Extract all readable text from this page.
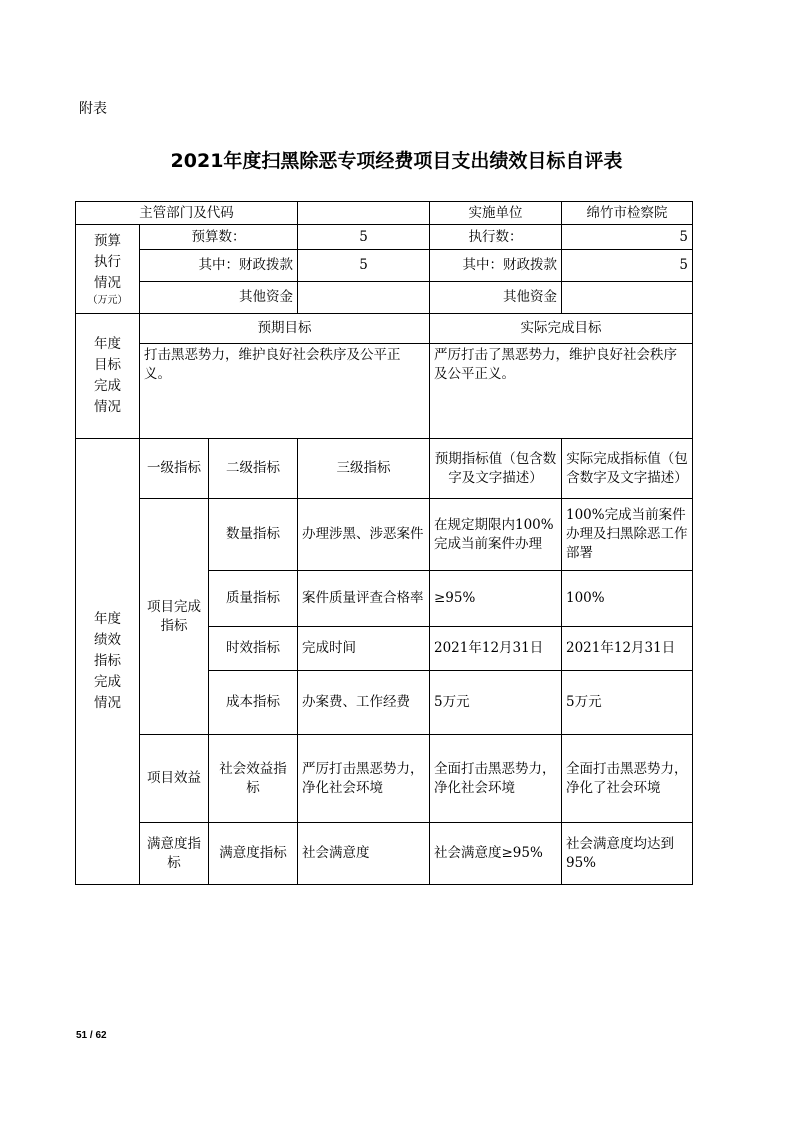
附表
2021年度扫黑除恶专项经费项目支出绩效目标自评表
主管部门及代码				实施单位	绵竹市检察院
预算
执行
情况
（万元）	预算数：		5	执行数：	5
	其中：财政拨款		5	其中：财政拨款	5
	其他资金			其他资金	
年度
目标
完成
情况	预期目标			实际完成目标	
	打击黑恶势力，维护良好社会秩序及公平正义。			严厉打击了黑恶势力，维护良好社会秩序及公平正义。	
年度
绩效
指标
完成
情况	一级指标	二级指标	三级指标	预期指标值（包含数字及文字描述）	实际完成指标值（包含数字及文字描述）
	项目完成指标	数量指标	办理涉黑、涉恶案件	在规定期限内100%完成当前案件办理	100%完成当前案件办理及扫黑除恶工作部署
		质量指标	案件质量评查合格率	≥95%	100%
		时效指标	完成时间	2021年12月31日	2021年12月31日
		成本指标	办案费、工作经费	5万元	5万元
	项目效益	社会效益指标	严厉打击黑恶势力，净化社会环境	全面打击黑恶势力，净化社会环境	全面打击黑恶势力，净化了社会环境
	满意度指标	满意度指标	社会满意度	社会满意度≥95%	社会满意度均达到95%
51 / 62
